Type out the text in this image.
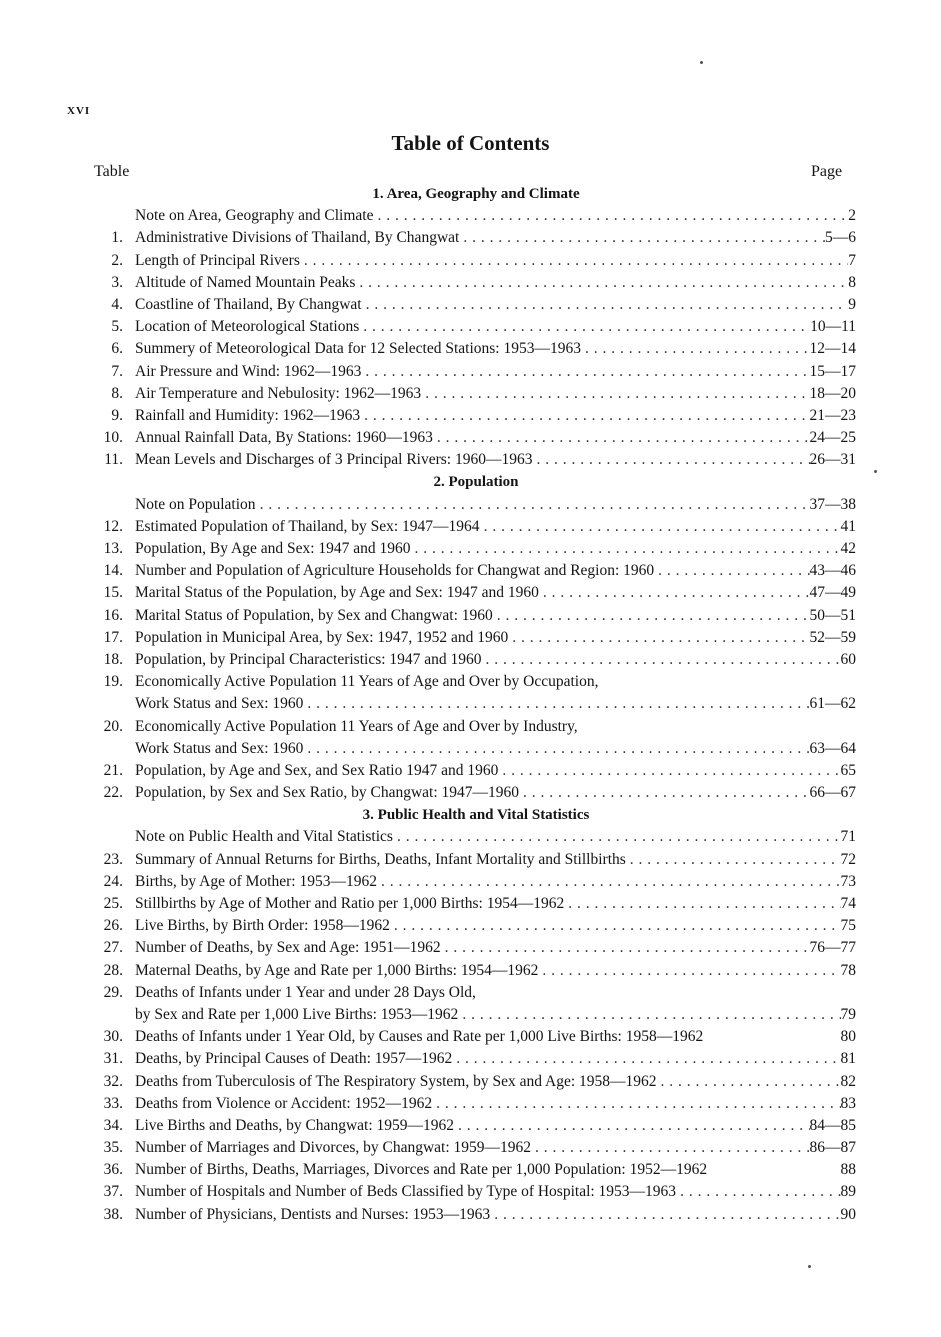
XVI
Table of Contents
Table	Page
1. Area, Geography and Climate
Note on Area, Geography and Climate . . .	2
1. Administrative Divisions of Thailand, By Changwat . . .	5—6
2. Length of Principal Rivers . . .	7
3. Altitude of Named Mountain Peaks . . .	8
4. Coastline of Thailand, By Changwat . . .	9
5. Location of Meteorological Stations . . .	10—11
6. Summery of Meteorological Data for 12 Selected Stations: 1953—1963 . . .	12—14
7. Air Pressure and Wind: 1962—1963 . . .	15—17
8. Air Temperature and Nebulosity: 1962—1963 . . .	18—20
9. Rainfall and Humidity: 1962—1963 . . .	21—23
10. Annual Rainfall Data, By Stations: 1960—1963 . . .	24—25
11. Mean Levels and Discharges of 3 Principal Rivers: 1960—1963 . . .	26—31
2. Population
Note on Population . . .	37—38
12. Estimated Population of Thailand, by Sex: 1947—1964 . . .	41
13. Population, By Age and Sex: 1947 and 1960 . . .	42
14. Number and Population of Agriculture Households for Changwat and Region: 1960 . . .	43—46
15. Marital Status of the Population, by Age and Sex: 1947 and 1960 . . .	47—49
16. Marital Status of Population, by Sex and Changwat: 1960 . . .	50—51
17. Population in Municipal Area, by Sex: 1947, 1952 and 1960 . . .	52—59
18. Population, by Principal Characteristics: 1947 and 1960 . . .	60
19. Economically Active Population 11 Years of Age and Over by Occupation,
Work Status and Sex: 1960 . . .	61—62
20. Economically Active Population 11 Years of Age and Over by Industry,
Work Status and Sex: 1960 . . .	63—64
21. Population, by Age and Sex, and Sex Ratio 1947 and 1960 . . .	65
22. Population, by Sex and Sex Ratio, by Changwat: 1947—1960 . . .	66—67
3. Public Health and Vital Statistics
Note on Public Health and Vital Statistics . . .	71
23. Summary of Annual Returns for Births, Deaths, Infant Mortality and Stillbirths . . .	72
24. Births, by Age of Mother: 1953—1962 . . .	73
25. Stillbirths by Age of Mother and Ratio per 1,000 Births: 1954—1962 . . .	74
26. Live Births, by Birth Order: 1958—1962 . . .	75
27. Number of Deaths, by Sex and Age: 1951—1962 . . .	76—77
28. Maternal Deaths, by Age and Rate per 1,000 Births: 1954—1962 . . .	78
29. Deaths of Infants under 1 Year and under 28 Days Old,
by Sex and Rate per 1,000 Live Births: 1953—1962 . . .	79
30. Deaths of Infants under 1 Year Old, by Causes and Rate per 1,000 Live Births: 1958—1962	80
31. Deaths, by Principal Causes of Death: 1957—1962 . . .	81
32. Deaths from Tuberculosis of The Respiratory System, by Sex and Age: 1958—1962 . . .	82
33. Deaths from Violence or Accident: 1952—1962 . . .	83
34. Live Births and Deaths, by Changwat: 1959—1962 . . .	84—85
35. Number of Marriages and Divorces, by Changwat: 1959—1962 . . .	86—87
36. Number of Births, Deaths, Marriages, Divorces and Rate per 1,000 Population: 1952—1962	88
37. Number of Hospitals and Number of Beds Classified by Type of Hospital: 1953—1963 . . .	89
38. Number of Physicians, Dentists and Nurses: 1953—1963 . . .	90
